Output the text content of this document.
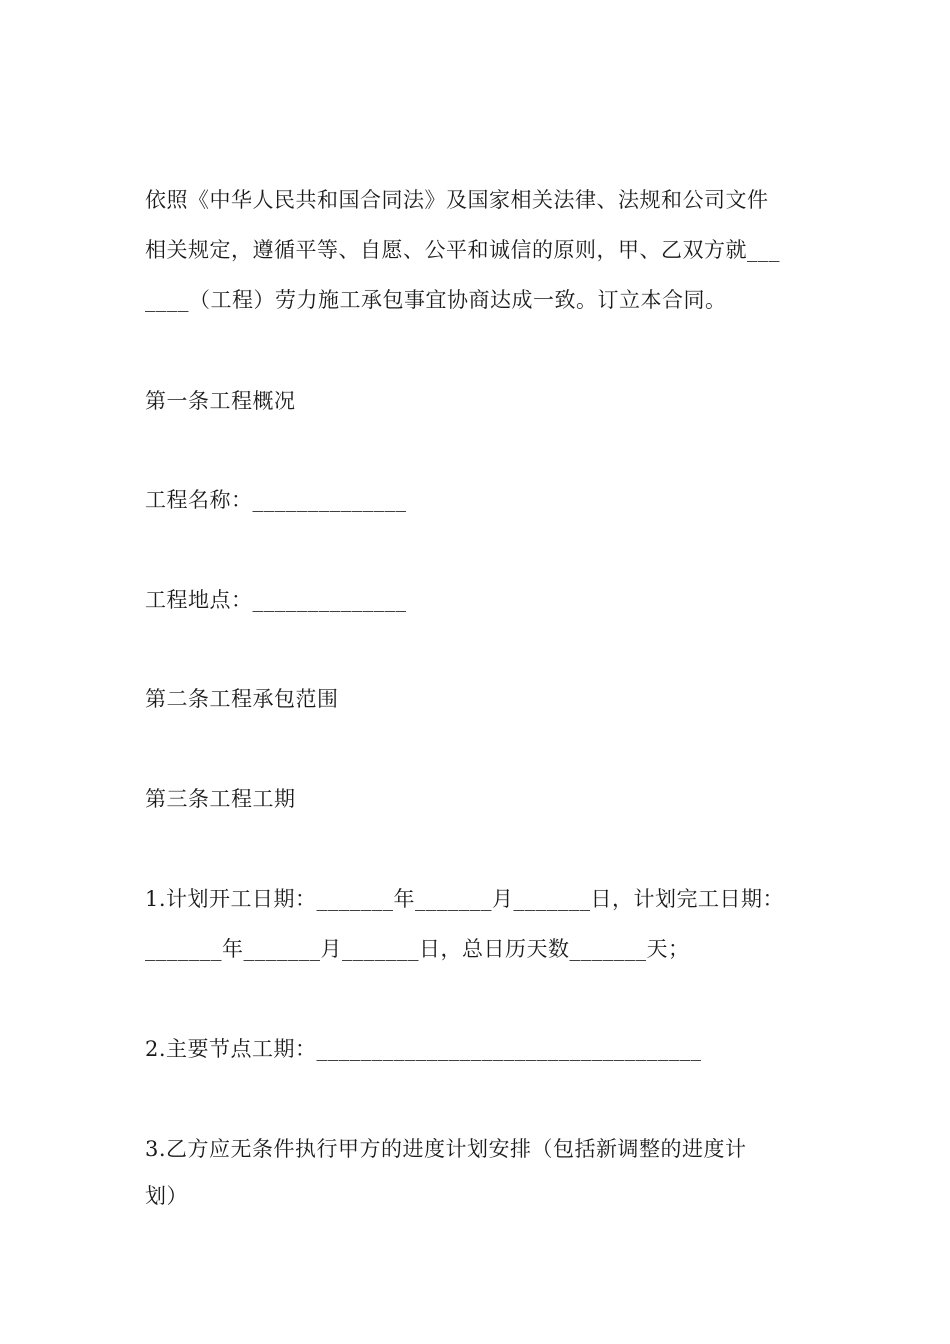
依照《中华人民共和国合同法》及国家相关法律、法规和公司文件
相关规定，遵循平等、自愿、公平和诚信的原则，甲、乙双方就___
____（工程）劳力施工承包事宜协商达成一致。订立本合同。
第一条工程概况
工程名称：______________
工程地点：______________
第二条工程承包范围
第三条工程工期
1.计划开工日期：_______年_______月_______日，计划完工日期：
_______年_______月_______日，总日历天数_______天；
2.主要节点工期：___________________________________
3.乙方应无条件执行甲方的进度计划安排（包括新调整的进度计
划）
